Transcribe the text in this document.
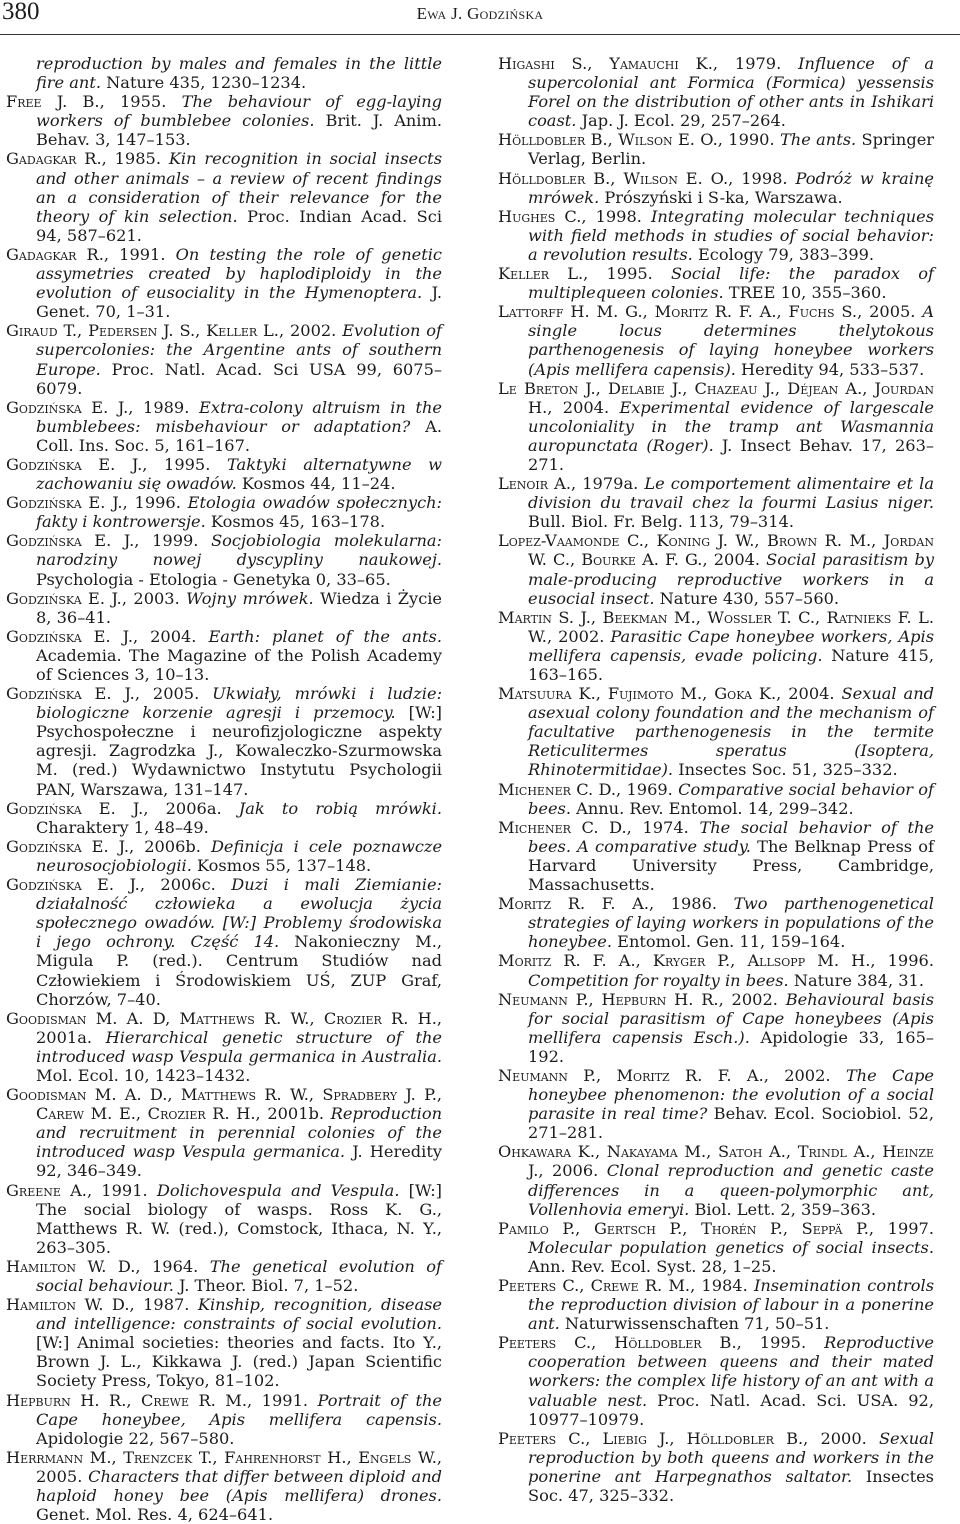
380	Ewa J. Godzińska

reproduction by males and females in the little fire ant. Nature 435, 1230–1234.

Free J. B., 1955. The behaviour of egg-laying workers of bumblebee colonies. Brit. J. Anim. Behav. 3, 147–153.

Gadagkar R., 1985. Kin recognition in social insects and other animals – a review of recent findings an a consideration of their relevance for the theory of kin selection. Proc. Indian Acad. Sci 94, 587–621.

Gadagkar R., 1991. On testing the role of genetic assymetries created by haplodiploidy in the evolution of eusociality in the Hymenoptera. J. Genet. 70, 1–31.

Giraud T., Pedersen J. S., Keller L., 2002. Evolution of supercolonies: the Argentine ants of southern Europe. Proc. Natl. Acad. Sci USA 99, 6075–6079.

Godzińska E. J., 1989. Extra-colony altruism in the bumblebees: misbehaviour or adaptation? A. Coll. Ins. Soc. 5, 161–167.

Godzińska E. J., 1995. Taktyki alternatywne w zachowaniu się owadów. Kosmos 44, 11–24.

Godzińska E. J., 1996. Etologia owadów społecznych: fakty i kontrowersje. Kosmos 45, 163–178.

Godzińska E. J., 1999. Socjobiologia molekularna: narodziny nowej dyscypliny naukowej. Psychologia - Etologia - Genetyka 0, 33–65.

Godzińska E. J., 2003. Wojny mrówek. Wiedza i Życie 8, 36–41.

Godzińska E. J., 2004. Earth: planet of the ants. Academia. The Magazine of the Polish Academy of Sciences 3, 10–13.

Godzińska E. J., 2005. Ukwiały, mrówki i ludzie: biologiczne korzenie agresji i przemocy. [W:] Psychospołeczne i neurofizjologiczne aspekty agresji. Zagrodzka J., Kowaleczko-Szurmowska M. (red.) Wydawnictwo Instytutu Psychologii PAN, Warszawa, 131–147.

Godzińska E. J., 2006a. Jak to robią mrówki. Charaktery 1, 48–49.

Godzińska E. J., 2006b. Definicja i cele poznawcze neurosocjobiologii. Kosmos 55, 137–148.

Godzińska E. J., 2006c. Duzi i mali Ziemianie: działalność człowieka a ewolucja życia społecznego owadów. [W:] Problemy środowiska i jego ochrony. Część 14. Nakonieczny M., Migula P. (red.). Centrum Studiów nad Człowiekiem i Środowiskiem UŚ, ZUP Graf, Chorzów, 7–40.

Goodisman M. A. D, Matthews R. W., Crozier R. H., 2001a. Hierarchical genetic structure of the introduced wasp Vespula germanica in Australia. Mol. Ecol. 10, 1423–1432.

Goodisman M. A. D., Matthews R. W., Spradbery J. P., Carew M. E., Crozier R. H., 2001b. Reproduction and recruitment in perennial colonies of the introduced wasp Vespula germanica. J. Heredity 92, 346–349.

Greene A., 1991. Dolichovespula and Vespula. [W:] The social biology of wasps. Ross K. G., Matthews R. W. (red.), Comstock, Ithaca, N. Y., 263–305.

Hamilton W. D., 1964. The genetical evolution of social behaviour. J. Theor. Biol. 7, 1–52.

Hamilton W. D., 1987. Kinship, recognition, disease and intelligence: constraints of social evolution. [W:] Animal societies: theories and facts. Ito Y., Brown J. L., Kikkawa J. (red.) Japan Scientific Society Press, Tokyo, 81–102.

Hepburn H. R., Crewe R. M., 1991. Portrait of the Cape honeybee, Apis mellifera capensis. Apidologie 22, 567–580.

Herrmann M., Trenzcek T., Fahrenhorst H., Engels W., 2005. Characters that differ between diploid and haploid honey bee (Apis mellifera) drones. Genet. Mol. Res. 4, 624–641.

Higashi S., Yamauchi K., 1979. Influence of a supercolonial ant Formica (Formica) yessensis Forel on the distribution of other ants in Ishikari coast. Jap. J. Ecol. 29, 257–264.

Hölldobler B., Wilson E. O., 1990. The ants. Springer Verlag, Berlin.

Hölldobler B., Wilson E. O., 1998. Podróż w krainę mrówek. Prószyński i S-ka, Warszawa.

Hughes C., 1998. Integrating molecular techniques with field methods in studies of social behavior: a revolution results. Ecology 79, 383–399.

Keller L., 1995. Social life: the paradox of multiplequeen colonies. TREE 10, 355–360.

Lattorff H. M. G., Moritz R. F. A., Fuchs S., 2005. A single locus determines thelytokous parthenogenesis of laying honeybee workers (Apis mellifera capensis). Heredity 94, 533–537.

Le Breton J., Delabie J., Chazeau J., Déjean A., Jourdan H., 2004. Experimental evidence of largescale uncoloniality in the tramp ant Wasmannia auropunctata (Roger). J. Insect Behav. 17, 263–271.

Lenoir A., 1979a. Le comportement alimentaire et la division du travail chez la fourmi Lasius niger. Bull. Biol. Fr. Belg. 113, 79–314.

Lopez-Vaamonde C., Koning J. W., Brown R. M., Jordan W. C., Bourke A. F. G., 2004. Social parasitism by male-producing reproductive workers in a eusocial insect. Nature 430, 557–560.

Martin S. J., Beekman M., Wossler T. C., Ratnieks F. L. W., 2002. Parasitic Cape honeybee workers, Apis mellifera capensis, evade policing. Nature 415, 163–165.

Matsuura K., Fujimoto M., Goka K., 2004. Sexual and asexual colony foundation and the mechanism of facultative parthenogenesis in the termite Reticulitermes speratus (Isoptera, Rhinotermitidae). Insectes Soc. 51, 325–332.

Michener C. D., 1969. Comparative social behavior of bees. Annu. Rev. Entomol. 14, 299–342.

Michener C. D., 1974. The social behavior of the bees. A comparative study. The Belknap Press of Harvard University Press, Cambridge, Massachusetts.

Moritz R. F. A., 1986. Two parthenogenetical strategies of laying workers in populations of the honeybee. Entomol. Gen. 11, 159–164.

Moritz R. F. A., Kryger P., Allsopp M. H., 1996. Competition for royalty in bees. Nature 384, 31.

Neumann P., Hepburn H. R., 2002. Behavioural basis for social parasitism of Cape honeybees (Apis mellifera capensis Esch.). Apidologie 33, 165–192.

Neumann P., Moritz R. F. A., 2002. The Cape honeybee phenomenon: the evolution of a social parasite in real time? Behav. Ecol. Sociobiol. 52, 271–281.

Ohkawara K., Nakayama M., Satoh A., Trindl A., Heinze J., 2006. Clonal reproduction and genetic caste differences in a queen-polymorphic ant, Vollenhovia emeryi. Biol. Lett. 2, 359–363.

Pamilo P., Gertsch P., Thorén P., Seppä P., 1997. Molecular population genetics of social insects. Ann. Rev. Ecol. Syst. 28, 1–25.

Peeters C., Crewe R. M., 1984. Insemination controls the reproduction division of labour in a ponerine ant. Naturwissenschaften 71, 50–51.

Peeters C., Hölldobler B., 1995. Reproductive cooperation between queens and their mated workers: the complex life history of an ant with a valuable nest. Proc. Natl. Acad. Sci. USA. 92, 10977–10979.

Peeters C., Liebig J., Hölldobler B., 2000. Sexual reproduction by both queens and workers in the ponerine ant Harpegnathos saltator. Insectes Soc. 47, 325–332.
